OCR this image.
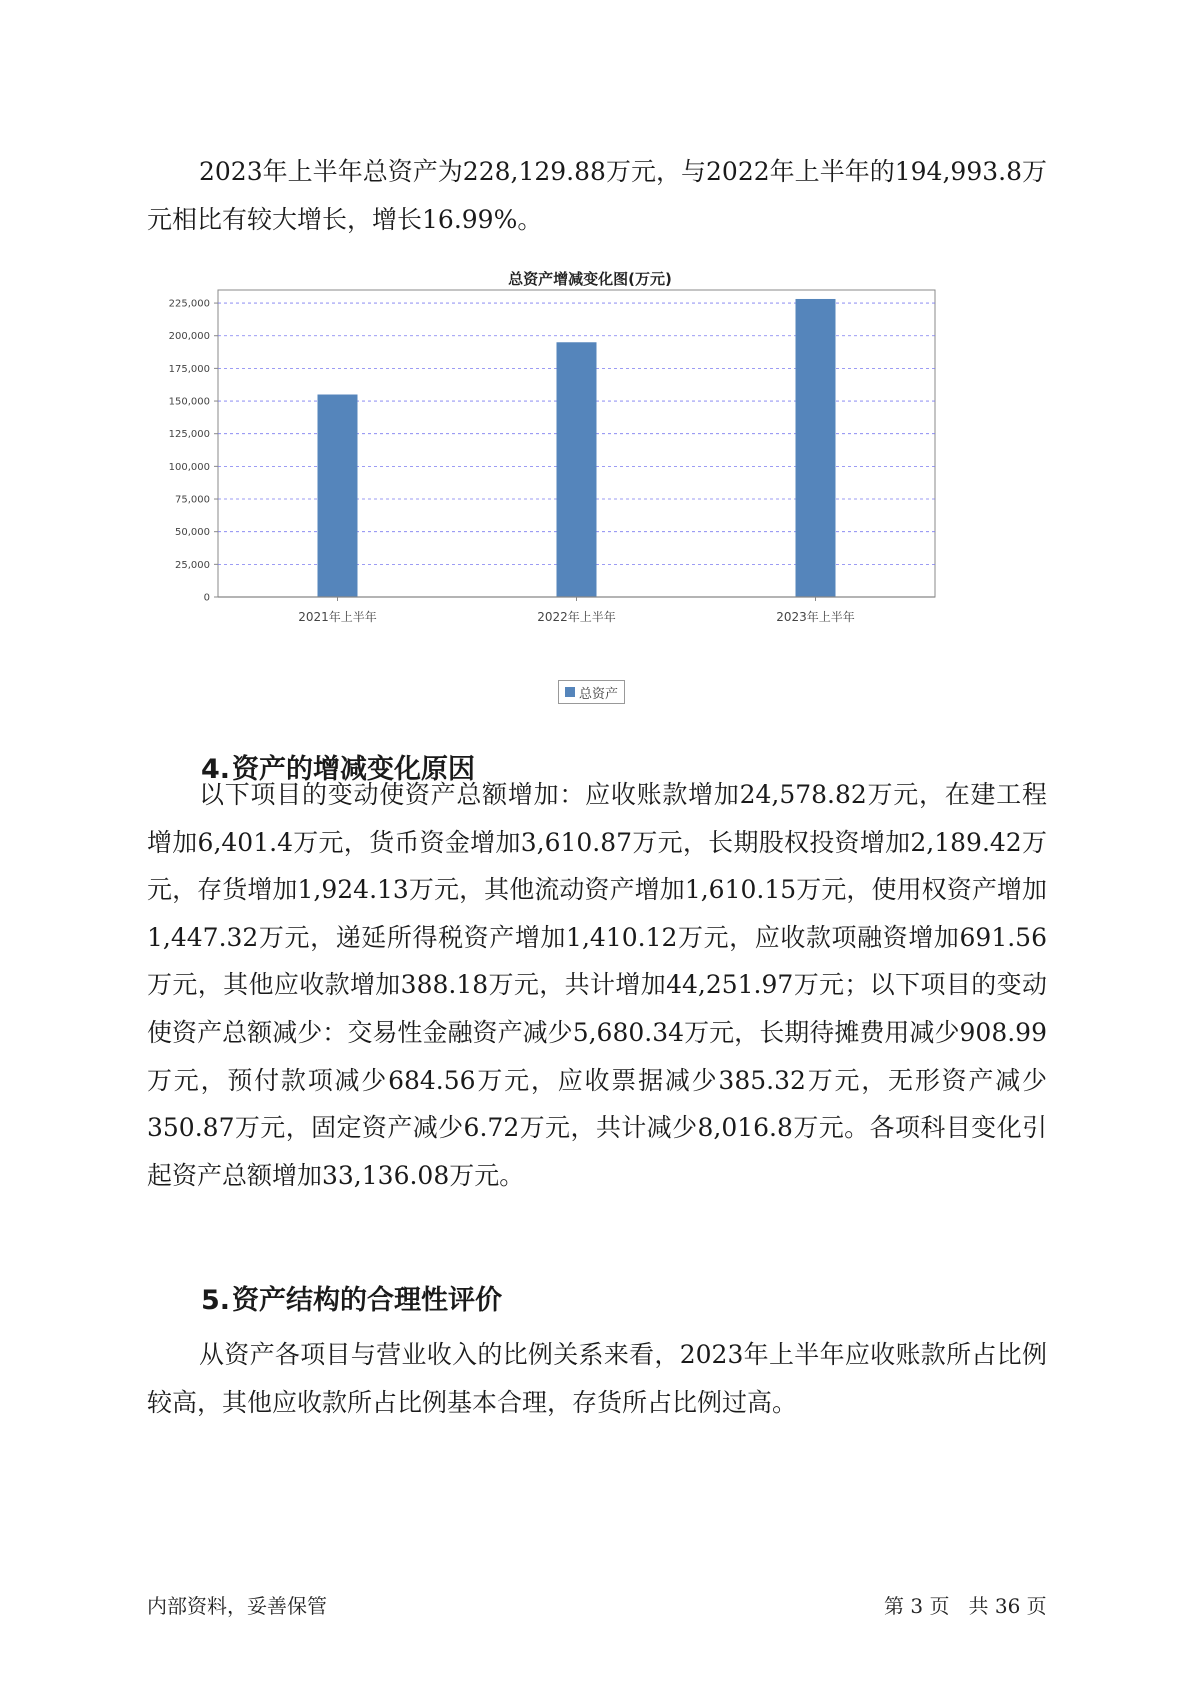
2023年上半年总资产为228,129.88万元，与2022年上半年的194,993.8万元相比有较大增长，增长16.99%。

总资产增减变化图(万元)
0
25,000
50,000
75,000
100,000
125,000
150,000
175,000
200,000
225,000
2021年上半年	2022年上半年	2023年上半年
总资产
4.资产的增减变化原因

以下项目的变动使资产总额增加：应收账款增加24,578.82万元，在建工程增加6,401.4万元，货币资金增加3,610.87万元，长期股权投资增加2,189.42万元，存货增加1,924.13万元，其他流动资产增加1,610.15万元，使用权资产增加1,447.32万元，递延所得税资产增加1,410.12万元，应收款项融资增加691.56万元，其他应收款增加388.18万元，共计增加44,251.97万元；以下项目的变动使资产总额减少：交易性金融资产减少5,680.34万元，长期待摊费用减少908.99万元，预付款项减少684.56万元，应收票据减少385.32万元，无形资产减少350.87万元，固定资产减少6.72万元，共计减少8,016.8万元。各项科目变化引起资产总额增加33,136.08万元。

5.资产结构的合理性评价

从资产各项目与营业收入的比例关系来看，2023年上半年应收账款所占比例较高，其他应收款所占比例基本合理，存货所占比例过高。

内部资料，妥善保管	第 3 页   共 36 页
